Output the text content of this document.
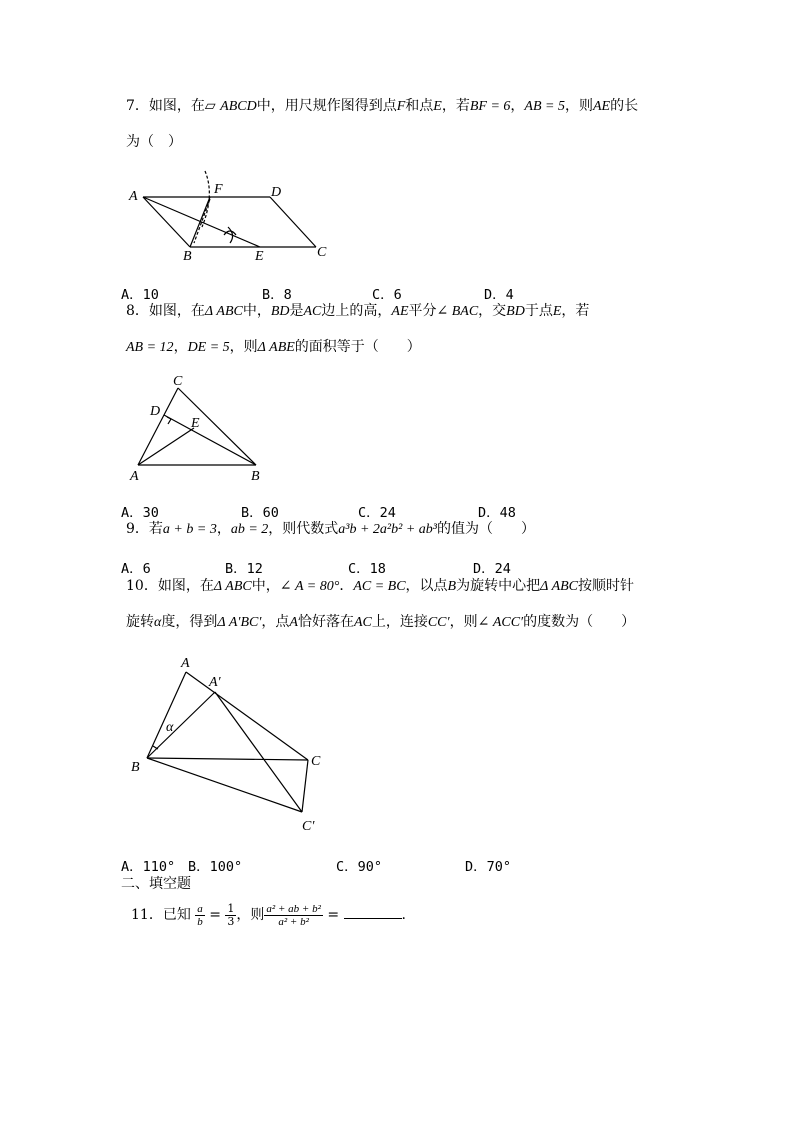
7．如图，在▱ ABCD中，用尺规作图得到点F和点E，若BF = 6，AB = 5，则AE的长
为（　）
A	F	D
B	E	C
A．10	B．8	C．6	D．4
8．如图，在Δ ABC中，BD是AC边上的高，AE平分∠ BAC，交BD于点E，若
AB = 12，DE = 5，则Δ ABE的面积等于（　　）
C
D
E
A	B
A．30	B．60	C．24	D．48
9．若a + b = 3，ab = 2，则代数式a³b + 2a²b² + ab³的值为（　　）
A．6	B．12	C．18	D．24
10．如图，在Δ ABC中，∠ A = 80°．AC = BC，以点B为旋转中心把Δ ABC按顺时针
旋转α度，得到Δ A′BC′，点A恰好落在AC上，连接CC′，则∠ ACC′的度数为（　　）
A
A′
α
B	C
C′
A．110° B．100°	C．90°	D．70°
二、填空题
11．已知 $\frac{a}{b} = \frac{1}{3}$ ，则 $\frac{\text{a² + ab + b²}}{\text{a² + b²}}$ =	.
